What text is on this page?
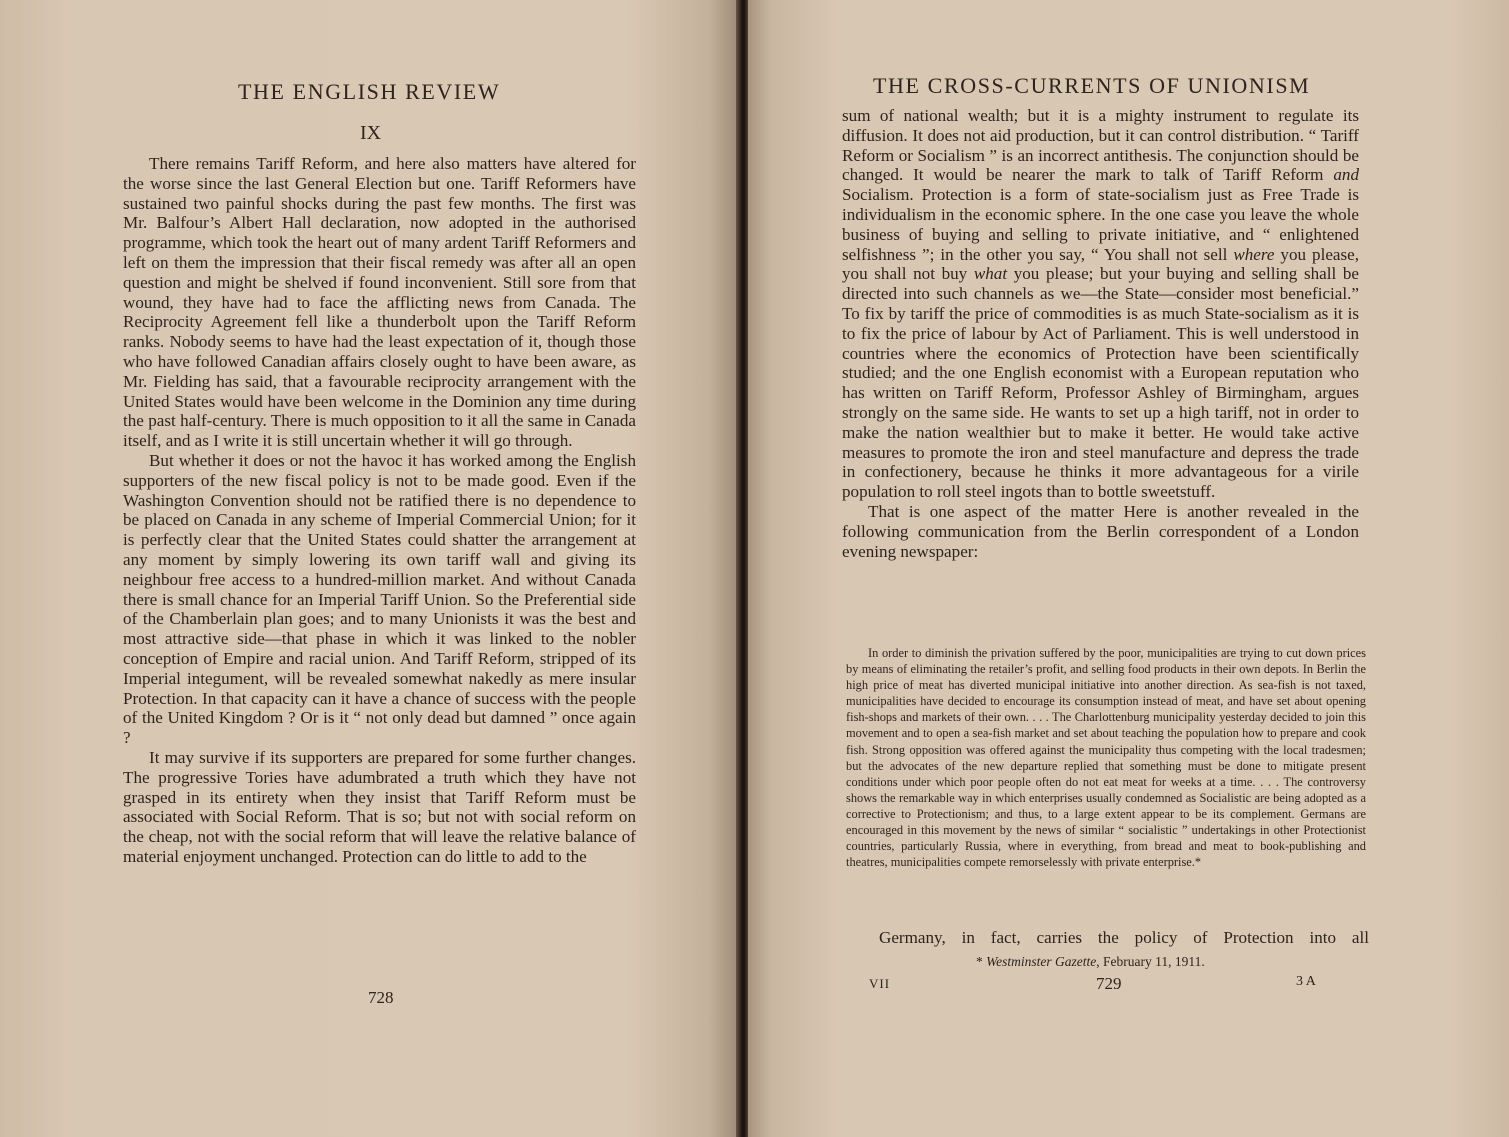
THE ENGLISH REVIEW
IX

There remains Tariff Reform, and here also matters have altered for the worse since the last General Election but one. Tariff Reformers have sustained two painful shocks during the past few months. The first was Mr. Balfour’s Albert Hall declaration, now adopted in the authorised programme, which took the heart out of many ardent Tariff Reformers and left on them the impression that their fiscal remedy was after all an open question and might be shelved if found inconvenient. Still sore from that wound, they have had to face the afflicting news from Canada. The Reciprocity Agreement fell like a thunderbolt upon the Tariff Reform ranks. Nobody seems to have had the least expectation of it, though those who have followed Canadian affairs closely ought to have been aware, as Mr. Fielding has said, that a favourable reciprocity arrangement with the United States would have been welcome in the Dominion any time during the past half-century. There is much opposition to it all the same in Canada itself, and as I write it is still uncertain whether it will go through.

But whether it does or not the havoc it has worked among the English supporters of the new fiscal policy is not to be made good. Even if the Washington Convention should not be ratified there is no dependence to be placed on Canada in any scheme of Imperial Commercial Union; for it is perfectly clear that the United States could shatter the arrangement at any moment by simply lowering its own tariff wall and giving its neighbour free access to a hundred-million market. And without Canada there is small chance for an Imperial Tariff Union. So the Preferential side of the Chamberlain plan goes; and to many Unionists it was the best and most attractive side—that phase in which it was linked to the nobler conception of Empire and racial union. And Tariff Reform, stripped of its Imperial integument, will be revealed somewhat nakedly as mere insular Protection. In that capacity can it have a chance of success with the people of the United Kingdom ? Or is it “ not only dead but damned ” once again ?

It may survive if its supporters are prepared for some further changes. The progressive Tories have adumbrated a truth which they have not grasped in its entirety when they insist that Tariff Reform must be associated with Social Reform. That is so; but not with social reform on the cheap, not with the social reform that will leave the relative balance of material enjoyment unchanged. Protection can do little to add to the

728
THE CROSS-CURRENTS OF UNIONISM

sum of national wealth; but it is a mighty instrument to regulate its diffusion. It does not aid production, but it can control distribution. “ Tariff Reform or Socialism ” is an incorrect antithesis. The conjunction should be changed. It would be nearer the mark to talk of Tariff Reform and Socialism. Protection is a form of state-socialism just as Free Trade is individualism in the economic sphere. In the one case you leave the whole business of buying and selling to private initiative, and “ enlightened selfishness ”; in the other you say, “ You shall not sell where you please, you shall not buy what you please; but your buying and selling shall be directed into such channels as we—the State—consider most beneficial.” To fix by tariff the price of commodities is as much State-socialism as it is to fix the price of labour by Act of Parliament. This is well understood in countries where the economics of Protection have been scientifically studied; and the one English economist with a European reputation who has written on Tariff Reform, Professor Ashley of Birmingham, argues strongly on the same side. He wants to set up a high tariff, not in order to make the nation wealthier but to make it better. He would take active measures to promote the iron and steel manufacture and depress the trade in confectionery, because he thinks it more advantageous for a virile population to roll steel ingots than to bottle sweetstuff.

That is one aspect of the matter Here is another revealed in the following communication from the Berlin correspondent of a London evening newspaper:

In order to diminish the privation suffered by the poor, municipalities are trying to cut down prices by means of eliminating the retailer’s profit, and selling food products in their own depots. In Berlin the high price of meat has diverted municipal initiative into another direction. As sea-fish is not taxed, municipalities have decided to encourage its consumption instead of meat, and have set about opening fish-shops and markets of their own. . . . The Charlottenburg municipality yesterday decided to join this movement and to open a sea-fish market and set about teaching the population how to prepare and cook fish. Strong opposition was offered against the municipality thus competing with the local tradesmen; but the advocates of the new departure replied that something must be done to mitigate present conditions under which poor people often do not eat meat for weeks at a time. . . . The controversy shows the remarkable way in which enterprises usually condemned as Socialistic are being adopted as a corrective to Protectionism; and thus, to a large extent appear to be its complement. Germans are encouraged in this movement by the news of similar “ socialistic ” undertakings in other Protectionist countries, particularly Russia, where in everything, from bread and meat to book-publishing and theatres, municipalities compete remorselessly with private enterprise.*

Germany, in fact, carries the policy of Protection into all

* Westminster Gazette, February 11, 1911.

VII	729	3 A
